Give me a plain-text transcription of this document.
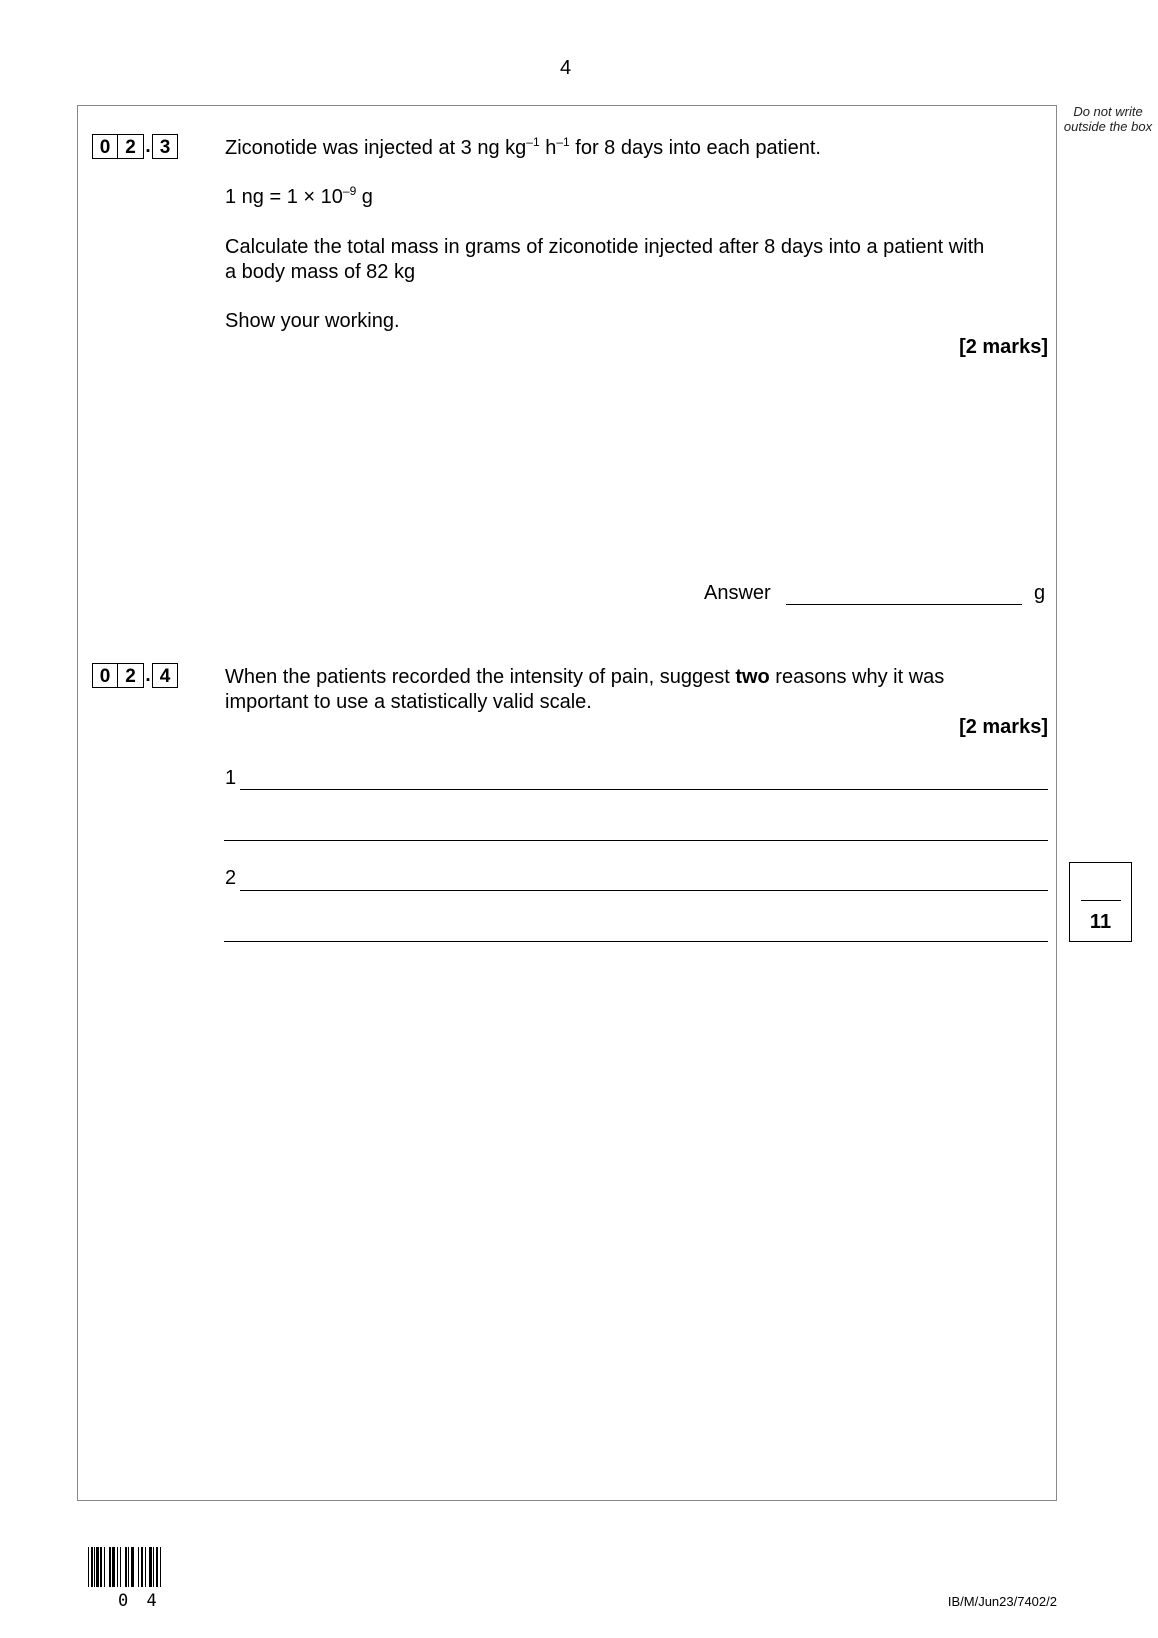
4
Do not write outside the box
0 2 . 3	Ziconotide was injected at 3 ng $kg^{-1}$ $h^{-1}$ for 8 days into each patient.
1 ng = $1 \times 10^{-9}$ g
Calculate the total mass in grams of ziconotide injected after 8 days into a patient with
a body mass of 82 kg
Show your working.
[2 marks]
Answer	g
0 2 . 4	When the patients recorded the intensity of pain, suggest two reasons why it was
important to use a statistically valid scale.
[2 marks]
1
2
11
0 4	IB/M/Jun23/7402/2
